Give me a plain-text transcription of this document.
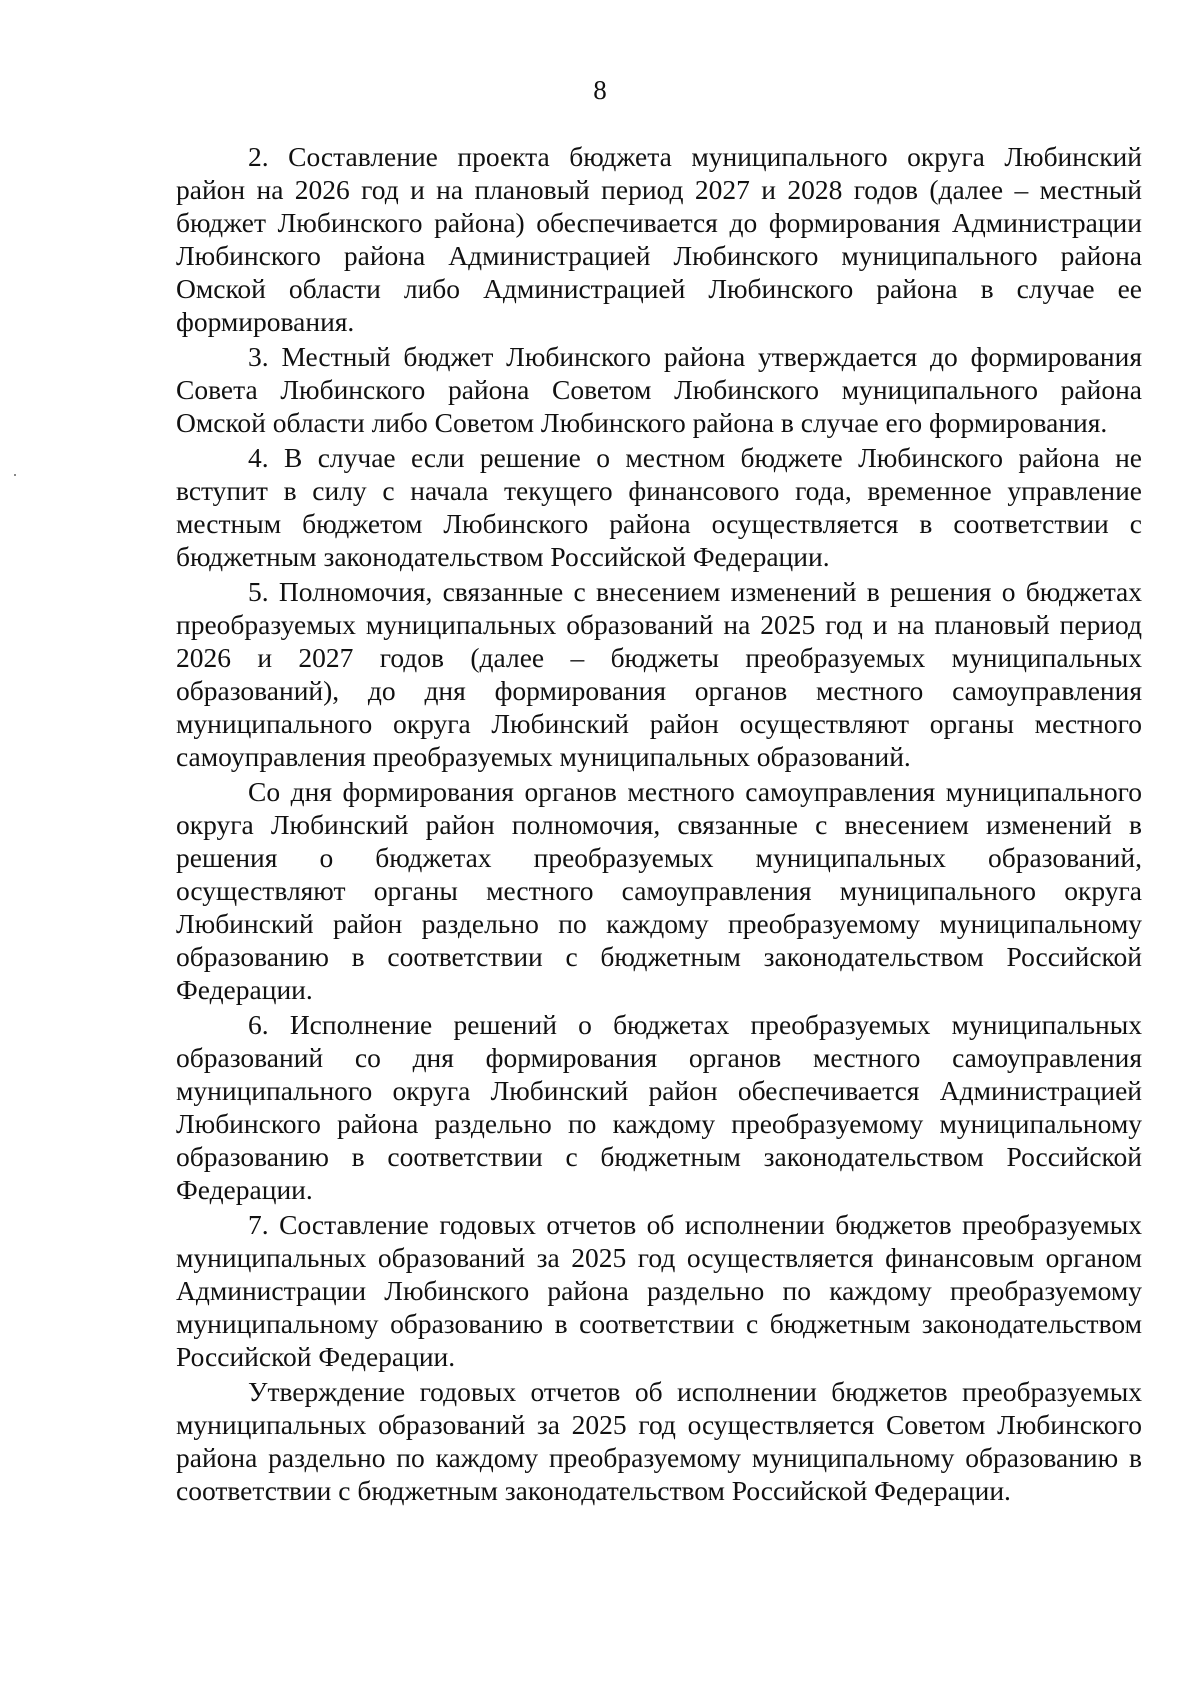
8

2. Составление проекта бюджета муниципального округа Любинский район на 2026 год и на плановый период 2027 и 2028 годов (далее – местный бюджет Любинского района) обеспечивается до формирования Администрации Любинского района Администрацией Любинского муниципального района Омской области либо Администрацией Любинского района в случае ее формирования.

3. Местный бюджет Любинского района утверждается до формирования Совета Любинского района Советом Любинского муниципального района Омской области либо Советом Любинского района в случае его формирования.

4. В случае если решение о местном бюджете Любинского района не вступит в силу с начала текущего финансового года, временное управление местным бюджетом Любинского района осуществляется в соответствии с бюджетным законодательством Российской Федерации.

5. Полномочия, связанные с внесением изменений в решения о бюджетах преобразуемых муниципальных образований на 2025 год и на плановый период 2026 и 2027 годов (далее – бюджеты преобразуемых муниципальных образований), до дня формирования органов местного самоуправления муниципального округа Любинский район осуществляют органы местного самоуправления преобразуемых муниципальных образований.

Со дня формирования органов местного самоуправления муниципального округа Любинский район полномочия, связанные с внесением изменений в решения о бюджетах преобразуемых муниципальных образований, осуществляют органы местного самоуправления муниципального округа Любинский район раздельно по каждому преобразуемому муниципальному образованию в соответствии с бюджетным законодательством Российской Федерации.

6. Исполнение решений о бюджетах преобразуемых муниципальных образований со дня формирования органов местного самоуправления муниципального округа Любинский район обеспечивается Администрацией Любинского района раздельно по каждому преобразуемому муниципальному образованию в соответствии с бюджетным законодательством Российской Федерации.

7. Составление годовых отчетов об исполнении бюджетов преобразуемых муниципальных образований за 2025 год осуществляется финансовым органом Администрации Любинского района раздельно по каждому преобразуемому муниципальному образованию в соответствии с бюджетным законодательством Российской Федерации.

Утверждение годовых отчетов об исполнении бюджетов преобразуемых муниципальных образований за 2025 год осуществляется Советом Любинского района раздельно по каждому преобразуемому муниципальному образованию в соответствии с бюджетным законодательством Российской Федерации.
